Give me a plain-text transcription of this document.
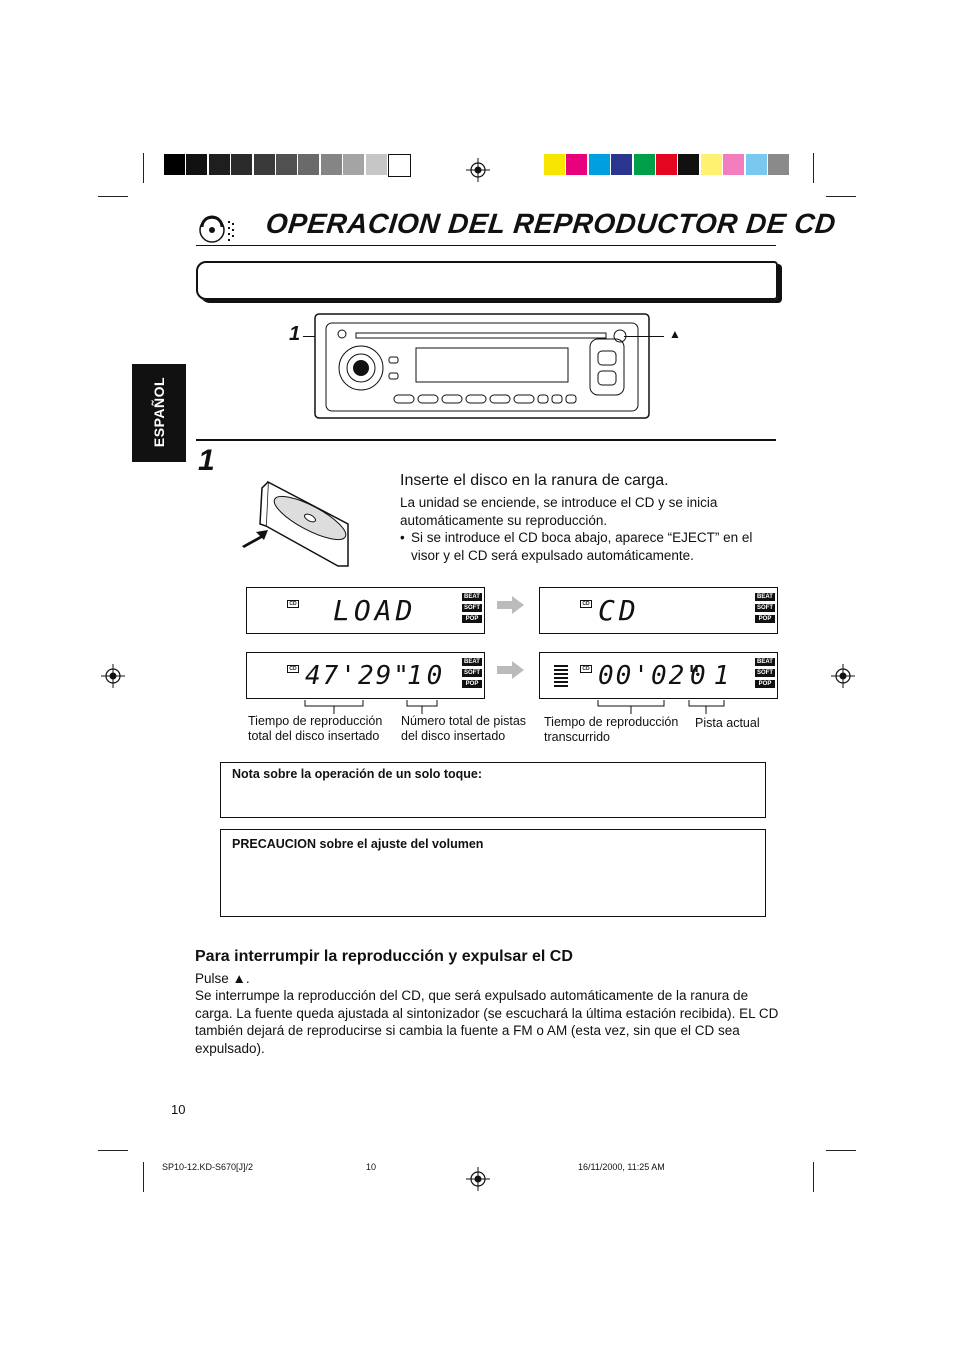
OPERACION DEL REPRODUCTOR DE CD
ESPAÑOL
1	▲
1
Inserte el disco en la ranura de carga.
La unidad se enciende, se introduce el CD y se inicia automáticamente su reproducción.
• Si se introduce el CD boca abajo, aparece “EJECT” en el visor y el CD será expulsado automáticamente.
CD LOAD	BEAT
SOFT
POP
CD CD	BEAT
SOFT
POP
CD 47'29"
10	BEAT
SOFT
POP
CD 00'02"
01	BEAT
SOFT
POP
Tiempo de reproducción total del disco insertado
Número total de pistas del disco insertado
Tiempo de reproducción transcurrido
Pista actual
Nota sobre la operación de un solo toque:
PRECAUCION sobre el ajuste del volumen
Para interrumpir la reproducción y expulsar el CD
Pulse ▲.
Se interrumpe la reproducción del CD, que será expulsado automáticamente de la ranura de carga. La fuente queda ajustada al sintonizador (se escuchará la última estación recibida). EL CD también dejará de reproducirse si cambia la fuente a FM o AM (esta vez, sin que el CD sea expulsado).
10
SP10-12.KD-S670[J]/2	10	16/11/2000, 11:25 AM
